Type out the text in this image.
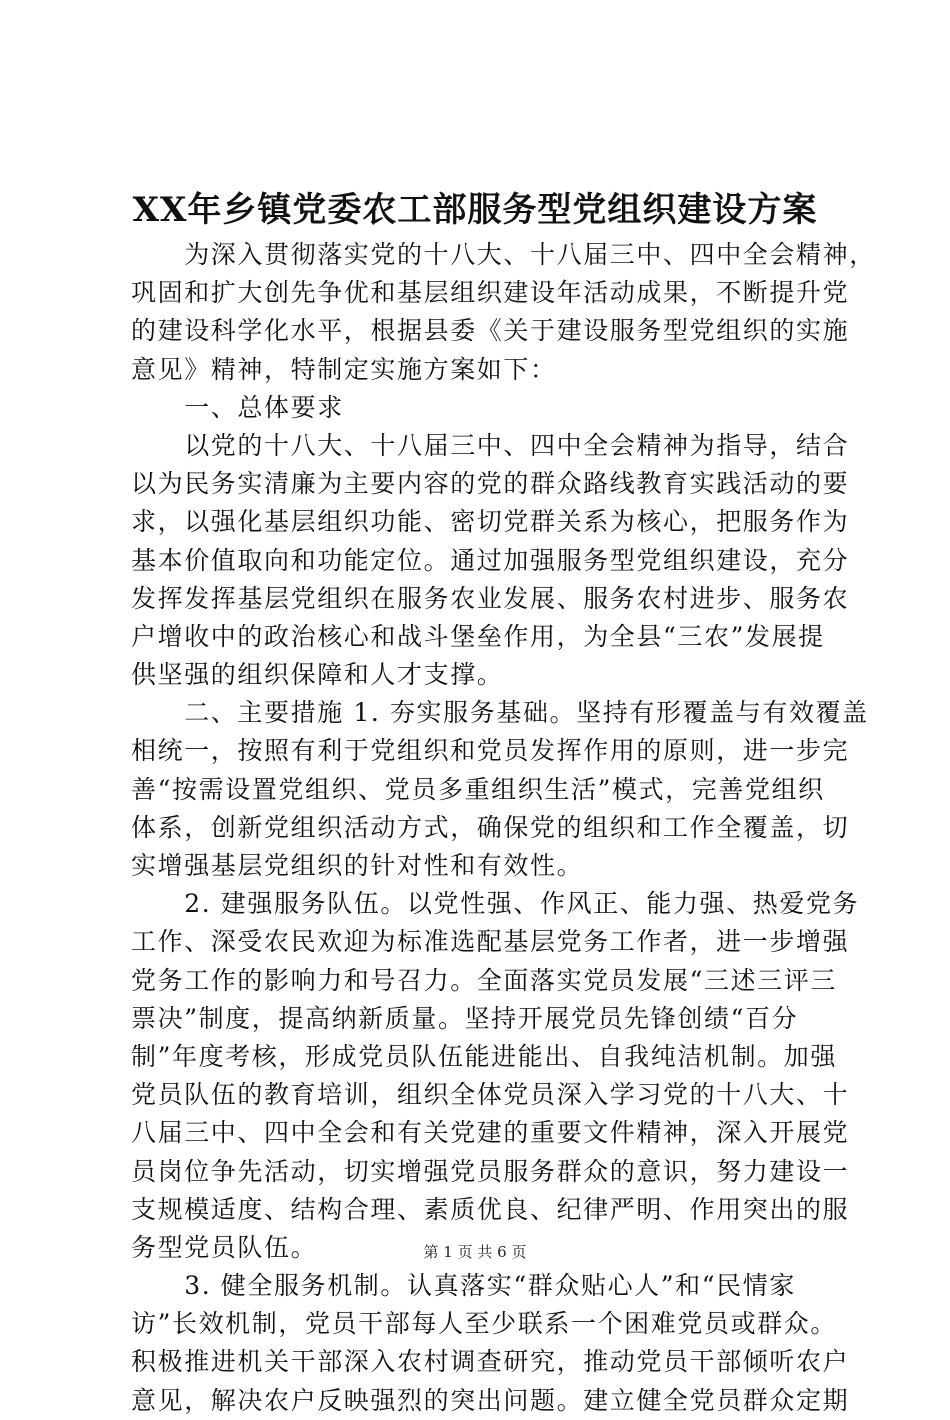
XX年乡镇党委农工部服务型党组织建设方案
　　为深入贯彻落实党的十八大、十八届三中、四中全会精神，
巩固和扩大创先争优和基层组织建设年活动成果，不断提升党
的建设科学化水平，根据县委《关于建设服务型党组织的实施
意见》精神，特制定实施方案如下：
　　一、总体要求
　　以党的十八大、十八届三中、四中全会精神为指导，结合
以为民务实清廉为主要内容的党的群众路线教育实践活动的要
求，以强化基层组织功能、密切党群关系为核心，把服务作为
基本价值取向和功能定位。通过加强服务型党组织建设，充分
发挥发挥基层党组织在服务农业发展、服务农村进步、服务农
户增收中的政治核心和战斗堡垒作用，为全县“三农”发展提
供坚强的组织保障和人才支撑。
　　二、主要措施 1. 夯实服务基础。坚持有形覆盖与有效覆盖
相统一，按照有利于党组织和党员发挥作用的原则，进一步完
善“按需设置党组织、党员多重组织生活”模式，完善党组织
体系，创新党组织活动方式，确保党的组织和工作全覆盖，切
实增强基层党组织的针对性和有效性。
　　2. 建强服务队伍。以党性强、作风正、能力强、热爱党务
工作、深受农民欢迎为标准选配基层党务工作者，进一步增强
党务工作的影响力和号召力。全面落实党员发展“三述三评三
票决”制度，提高纳新质量。坚持开展党员先锋创绩“百分
制”年度考核，形成党员队伍能进能出、自我纯洁机制。加强
党员队伍的教育培训，组织全体党员深入学习党的十八大、十
八届三中、四中全会和有关党建的重要文件精神，深入开展党
员岗位争先活动，切实增强党员服务群众的意识，努力建设一
支规模适度、结构合理、素质优良、纪律严明、作用突出的服
务型党员队伍。
　　3. 健全服务机制。认真落实“群众贴心人”和“民情家
访”长效机制，党员干部每人至少联系一个困难党员或群众。
积极推进机关干部深入农村调查研究，推动党员干部倾听农户
意见，解决农户反映强烈的突出问题。建立健全党员群众定期
第 1 页 共 6 页
